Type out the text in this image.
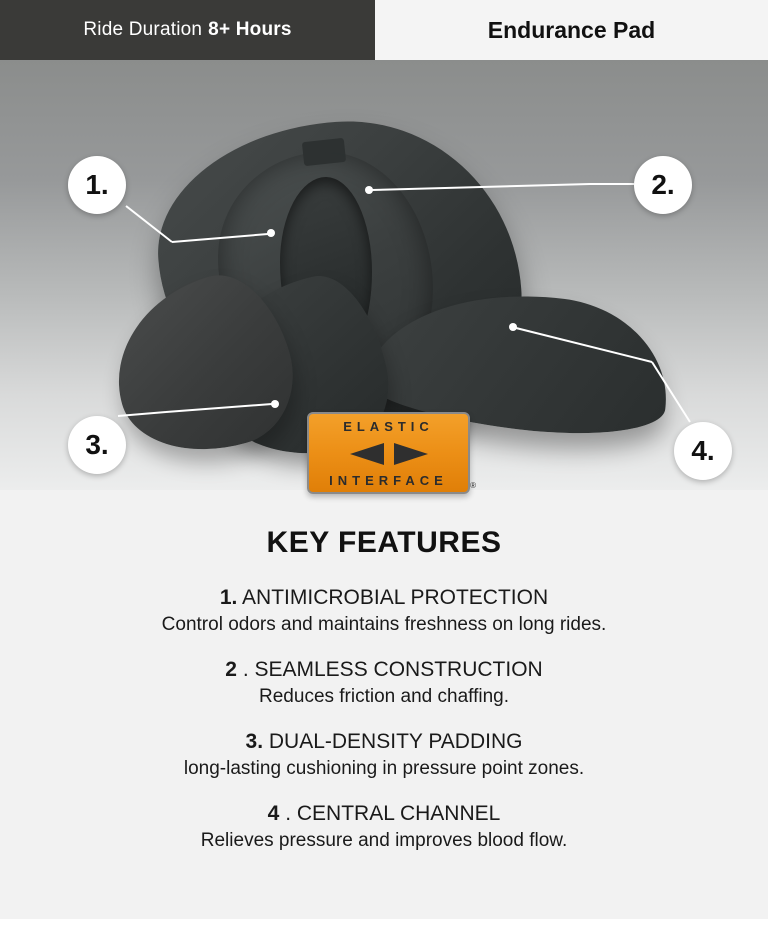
Ride Duration 8+ Hours	Endurance Pad
1.	2.
3.	4.
ELASTIC
INTERFACE	®
KEY FEATURES
1. ANTIMICROBIAL PROTECTION
Control odors and maintains freshness on long rides.
2 . SEAMLESS CONSTRUCTION
Reduces friction and chaffing.
3. DUAL-DENSITY PADDING
long-lasting cushioning in pressure point zones.
4 . CENTRAL CHANNEL
Relieves pressure and improves blood flow.
